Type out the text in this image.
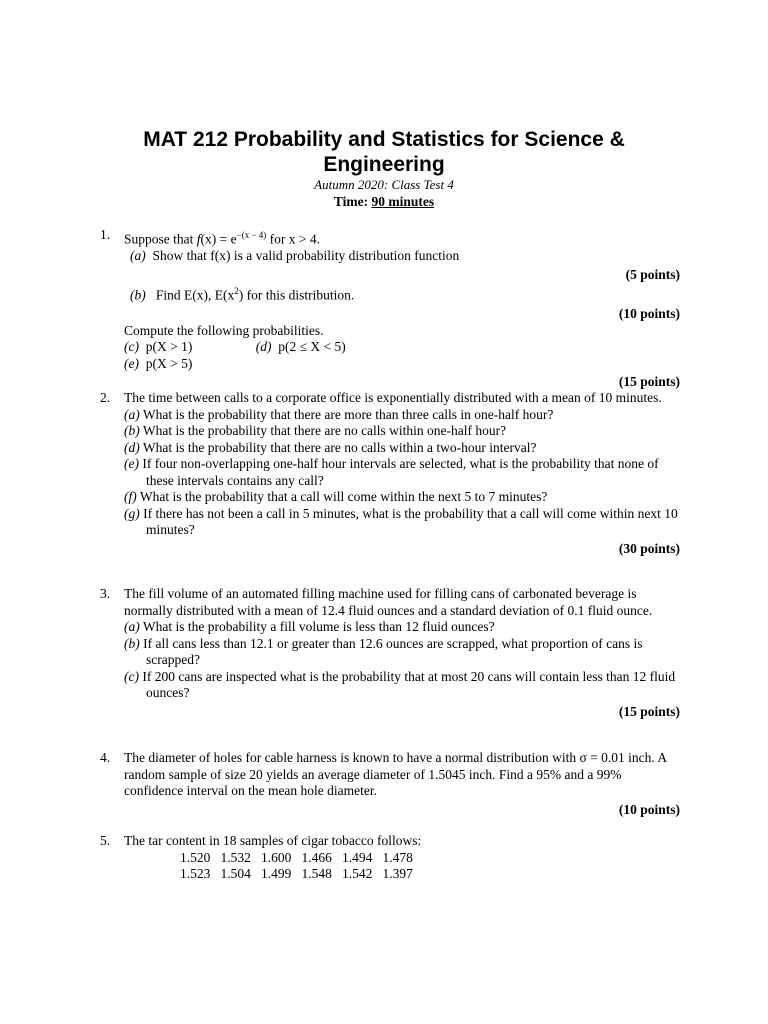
MAT 212 Probability and Statistics for Science & Engineering
Autumn 2020: Class Test 4
Time: 90 minutes
1. Suppose that $f(x) = e^{-(x - 4)}$ for x > 4.
(a) Show that f(x) is a valid probability distribution function
(5 points)
(b) Find E(x), $E(x^2)$ for this distribution.
(10 points)
Compute the following probabilities.
(c) p(X > 1)	(d) p(2 ≤ X < 5)
(e) p(X > 5)
(15 points)
2. The time between calls to a corporate office is exponentially distributed with a mean of 10 minutes.
(a) What is the probability that there are more than three calls in one-half hour?
(b) What is the probability that there are no calls within one-half hour?
(d) What is the probability that there are no calls within a two-hour interval?
(e) If four non-overlapping one-half hour intervals are selected, what is the probability that none of these intervals contains any call?
(f) What is the probability that a call will come within the next 5 to 7 minutes?
(g) If there has not been a call in 5 minutes, what is the probability that a call will come within next 10 minutes?
(30 points)
3. The fill volume of an automated filling machine used for filling cans of carbonated beverage is normally distributed with a mean of 12.4 fluid ounces and a standard deviation of 0.1 fluid ounce.
(a) What is the probability a fill volume is less than 12 fluid ounces?
(b) If all cans less than 12.1 or greater than 12.6 ounces are scrapped, what proportion of cans is scrapped?
(c) If 200 cans are inspected what is the probability that at most 20 cans will contain less than 12 fluid ounces?
(15 points)
4. The diameter of holes for cable harness is known to have a normal distribution with σ = 0.01 inch. A random sample of size 20 yields an average diameter of 1.5045 inch. Find a 95% and a 99% confidence interval on the mean hole diameter.
(10 points)
5. The tar content in 18 samples of cigar tobacco follows:
1.520   1.532   1.600   1.466   1.494   1.478
1.523   1.504   1.499   1.548   1.542   1.397
